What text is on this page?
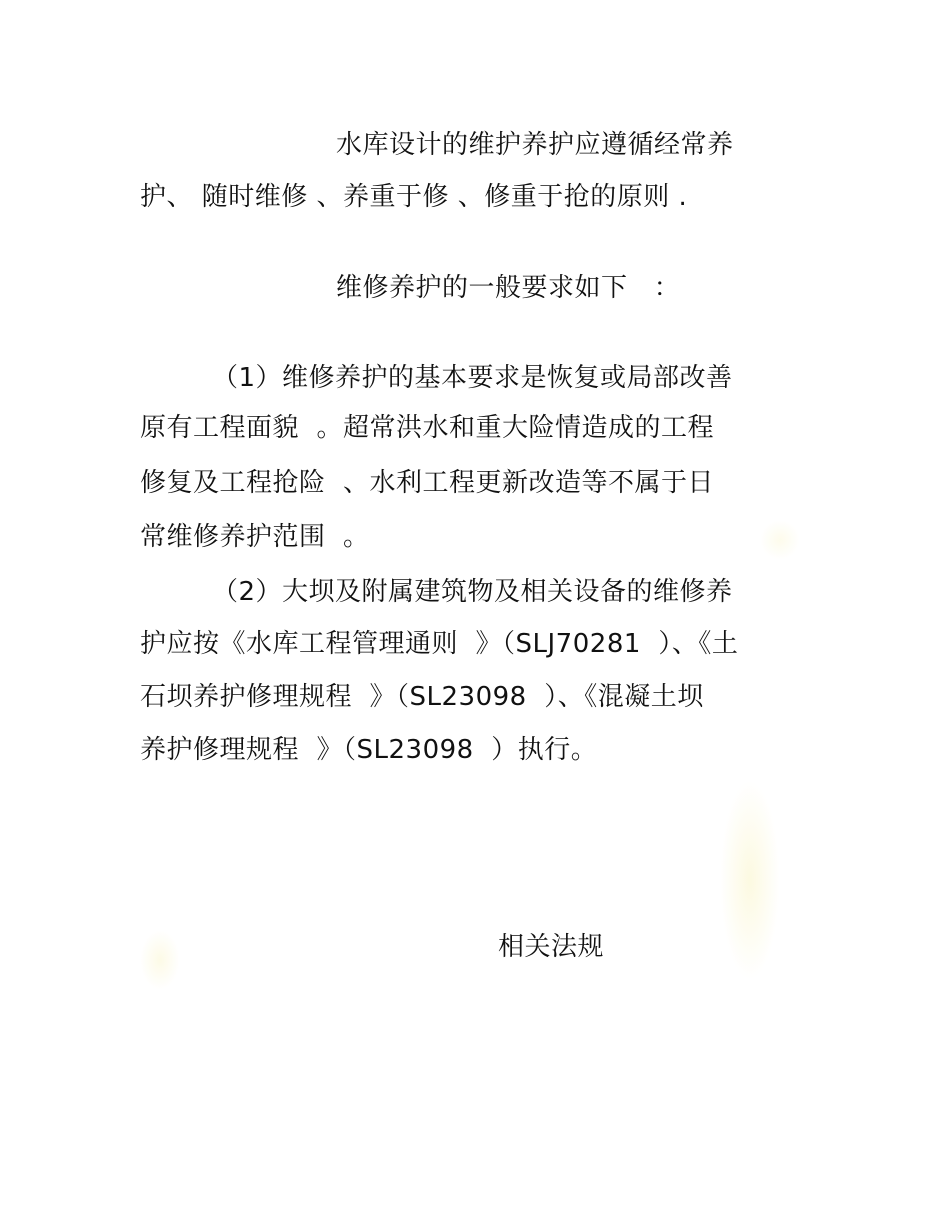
水库设计的维护养护应遵循经常养
护、 随时维修 、养重于修 、修重于抢的原则 .
维修养护的一般要求如下   ：
（1）维修养护的基本要求是恢复或局部改善
原有工程面貌  。超常洪水和重大险情造成的工程
修复及工程抢险  、水利工程更新改造等不属于日
常维修养护范围  。
（2）大坝及附属建筑物及相关设备的维修养
护应按《水库工程管理通则  》（SLJ70281  ）、《土
石坝养护修理规程  》（SL23098  ）、《混凝土坝
养护修理规程  》（SL23098  ）执行。
相关法规
